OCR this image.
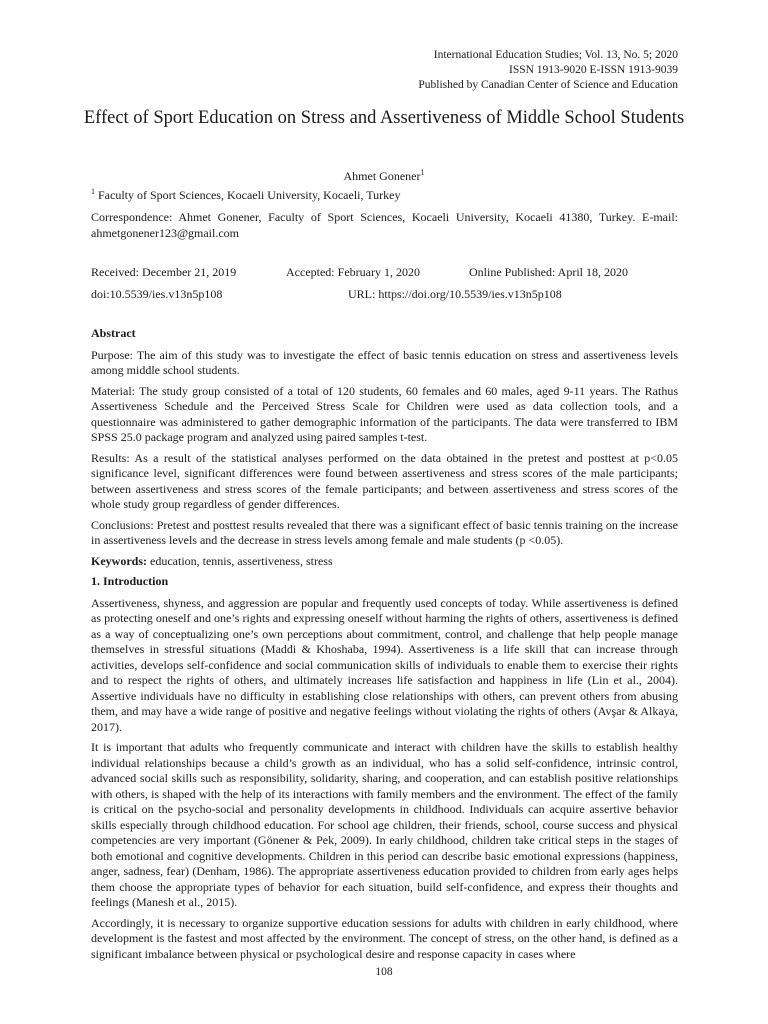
International Education Studies; Vol. 13, No. 5; 2020
ISSN 1913-9020 E-ISSN 1913-9039
Published by Canadian Center of Science and Education
Effect of Sport Education on Stress and Assertiveness of Middle School Students
Ahmet Gonener$^1$
$^1$ Faculty of Sport Sciences, Kocaeli University, Kocaeli, Turkey
Correspondence: Ahmet Gonener, Faculty of Sport Sciences, Kocaeli University, Kocaeli 41380, Turkey. E-mail: ahmetgonener123@gmail.com
Received: December 21, 2019	Accepted: February 1, 2020	Online Published: April 18, 2020
doi:10.5539/ies.v13n5p108	URL: https://doi.org/10.5539/ies.v13n5p108
Abstract

Purpose: The aim of this study was to investigate the effect of basic tennis education on stress and assertiveness levels among middle school students.

Material: The study group consisted of a total of 120 students, 60 females and 60 males, aged 9-11 years. The Rathus Assertiveness Schedule and the Perceived Stress Scale for Children were used as data collection tools, and a questionnaire was administered to gather demographic information of the participants. The data were transferred to IBM SPSS 25.0 package program and analyzed using paired samples t-test.

Results: As a result of the statistical analyses performed on the data obtained in the pretest and posttest at p<0.05 significance level, significant differences were found between assertiveness and stress scores of the male participants; between assertiveness and stress scores of the female participants; and between assertiveness and stress scores of the whole study group regardless of gender differences.

Conclusions: Pretest and posttest results revealed that there was a significant effect of basic tennis training on the increase in assertiveness levels and the decrease in stress levels among female and male students (p <0.05).

Keywords: education, tennis, assertiveness, stress

1. Introduction

Assertiveness, shyness, and aggression are popular and frequently used concepts of today. While assertiveness is defined as protecting oneself and one’s rights and expressing oneself without harming the rights of others, assertiveness is defined as a way of conceptualizing one’s own perceptions about commitment, control, and challenge that help people manage themselves in stressful situations (Maddi & Khoshaba, 1994). Assertiveness is a life skill that can increase through activities, develops self-confidence and social communication skills of individuals to enable them to exercise their rights and to respect the rights of others, and ultimately increases life satisfaction and happiness in life (Lin et al., 2004). Assertive individuals have no difficulty in establishing close relationships with others, can prevent others from abusing them, and may have a wide range of positive and negative feelings without violating the rights of others (Avşar & Alkaya, 2017).

It is important that adults who frequently communicate and interact with children have the skills to establish healthy individual relationships because a child’s growth as an individual, who has a solid self-confidence, intrinsic control, advanced social skills such as responsibility, solidarity, sharing, and cooperation, and can establish positive relationships with others, is shaped with the help of its interactions with family members and the environment. The effect of the family is critical on the psycho-social and personality developments in childhood. Individuals can acquire assertive behavior skills especially through childhood education. For school age children, their friends, school, course success and physical competencies are very important (Gönener & Pek, 2009). In early childhood, children take critical steps in the stages of both emotional and cognitive developments. Children in this period can describe basic emotional expressions (happiness, anger, sadness, fear) (Denham, 1986). The appropriate assertiveness education provided to children from early ages helps them choose the appropriate types of behavior for each situation, build self-confidence, and express their thoughts and feelings (Manesh et al., 2015).

Accordingly, it is necessary to organize supportive education sessions for adults with children in early childhood, where development is the fastest and most affected by the environment. The concept of stress, on the other hand, is defined as a significant imbalance between physical or psychological desire and response capacity in cases where

108
